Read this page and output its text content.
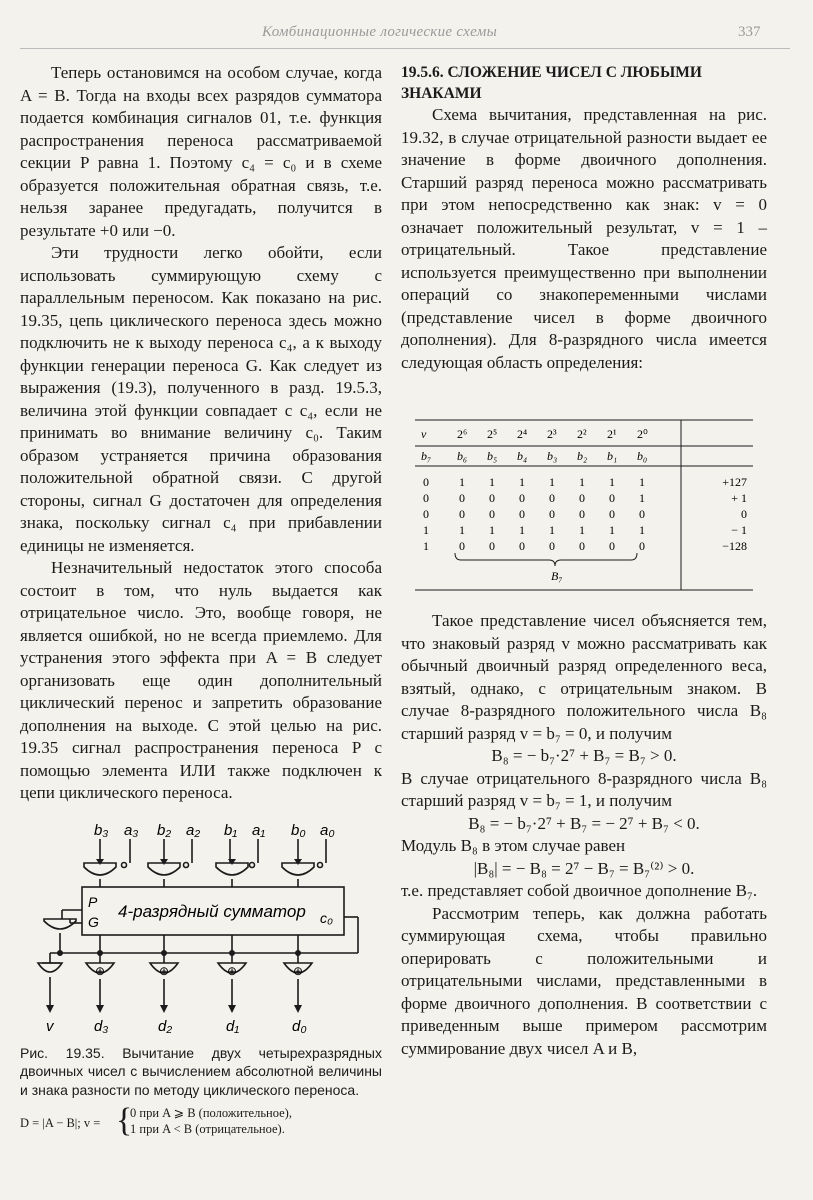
Комбинационные логические схемы	337

Теперь остановимся на особом случае, когда A = B. Тогда на входы всех разрядов сумматора подается комбинация сигналов 01, т.е. функция распространения переноса рассматриваемой секции P равна 1. Поэтому c₄ = c₀ и в схеме образуется положительная обратная связь, т.е. нельзя заранее предугадать, получится в результате +0 или −0.

Эти трудности легко обойти, если использовать суммирующую схему с параллельным переносом. Как показано на рис. 19.35, цепь циклического переноса здесь можно подключить не к выходу переноса c₄, а к выходу функции генерации переноса G. Как следует из выражения (19.3), полученного в разд. 19.5.3, величина этой функции совпадает с c₄, если не принимать во внимание величину c₀. Таким образом устраняется причина образования положительной обратной связи. С другой стороны, сигнал G достаточен для определения знака, поскольку сигнал c₄ при прибавлении единицы не изменяется.

Незначительный недостаток этого способа состоит в том, что нуль выдается как отрицательное число. Это, вообще говоря, не является ошибкой, но не всегда приемлемо. Для устранения этого эффекта при A = B следует организовать еще один дополнительный циклический перенос и запретить образование дополнения на выходе. С этой целью на рис. 19.35 сигнал распространения переноса P с помощью элемента ИЛИ также подключен к цепи циклического переноса.

b₃ a₃ b₂ a₂ b₁ a₁ b₀ a₀
4-разрядный сумматор
P
G	c₀
⊕	⊕	⊕	⊕
v	d₃	d₂	d₁	d₀
Рис. 19.35. Вычитание двух четырехразрядных двоичных чисел с вычислением абсолютной величины и знака разности по методу циклического переноса.
D = |A − B|; v = {
0 при A ⩾ B (положительное),
1 при A < B (отрицательное).

19.5.6. СЛОЖЕНИЕ ЧИСЕЛ С ЛЮБЫМИ ЗНАКАМИ

Схема вычитания, представленная на рис. 19.32, в случае отрицательной разности выдает ее значение в форме двоичного дополнения. Старший разряд переноса можно рассматривать при этом непосредственно как знак: v = 0 означает положительный результат, v = 1 – отрицательный. Такое представление используется преимущественно при выполнении операций со знакопеременными числами (представление чисел в форме двоичного дополнения). Для 8-разрядного числа имеется следующая область определения:

v	2⁶ 2⁵ 2⁴ 2³ 2² 2¹ 2⁰
b₇ b₆ b₅ b₄ b₃ b₂ b₁ b₀
0	1 1 1 1 1 1 1	+127
0	0 0 0 0 0 0 1	+ 1
0	0 0 0 0 0 0 0	0
1	1 1 1 1 1 1 1	− 1
1	0 0 0 0 0 0 0	−128
B₇

Такое представление чисел объясняется тем, что знаковый разряд v можно рассматривать как обычный двоичный разряд определенного веса, взятый, однако, с отрицательным знаком. В случае 8-разрядного положительного числа B₈ старший разряд v = b₇ = 0, и получим

B₈ = − b₇·2⁷ + B₇ = B₇ > 0.

В случае отрицательного 8-разрядного числа B₈ старший разряд v = b₇ = 1, и получим

B₈ = − b₇·2⁷ + B₇ = − 2⁷ + B₇ < 0.

Модуль B₈ в этом случае равен

|B₈| = − B₈ = 2⁷ − B₇ = B₇⁽²⁾ > 0.

т.е. представляет собой двоичное дополнение B₇.

Рассмотрим теперь, как должна работать суммирующая схема, чтобы правильно оперировать с положительными и отрицательными числами, представленными в форме двоичного дополнения. В соответствии с приведенным выше примером рассмотрим суммирование двух чисел A и B,
